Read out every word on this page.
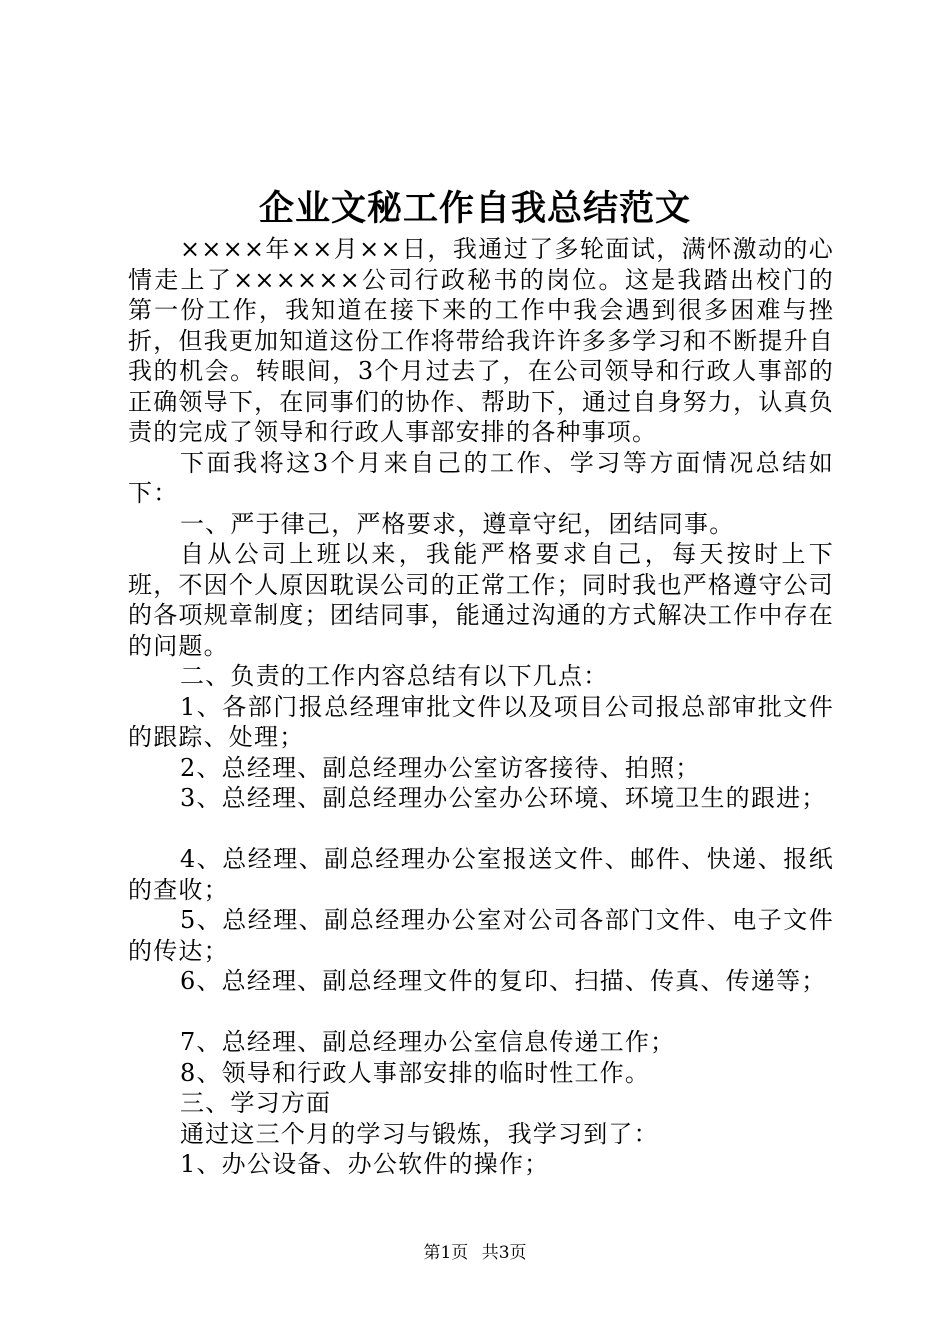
企业文秘工作自我总结范文

××××年××月××日，我通过了多轮面试，满怀激动的心情走上了××××××公司行政秘书的岗位。这是我踏出校门的第一份工作，我知道在接下来的工作中我会遇到很多困难与挫折，但我更加知道这份工作将带给我许许多多学习和不断提升自我的机会。转眼间，3个月过去了，在公司领导和行政人事部的正确领导下，在同事们的协作、帮助下，通过自身努力，认真负责的完成了领导和行政人事部安排的各种事项。

下面我将这3个月来自己的工作、学习等方面情况总结如下：

一、严于律己，严格要求，遵章守纪，团结同事。

自从公司上班以来，我能严格要求自己，每天按时上下班，不因个人原因耽误公司的正常工作；同时我也严格遵守公司的各项规章制度；团结同事，能通过沟通的方式解决工作中存在的问题。

二、负责的工作内容总结有以下几点：

1、各部门报总经理审批文件以及项目公司报总部审批文件的跟踪、处理；

2、总经理、副总经理办公室访客接待、拍照；

3、总经理、副总经理办公室办公环境、环境卫生的跟进；

4、总经理、副总经理办公室报送文件、邮件、快递、报纸的查收；

5、总经理、副总经理办公室对公司各部门文件、电子文件的传达；

6、总经理、副总经理文件的复印、扫描、传真、传递等；

7、总经理、副总经理办公室信息传递工作；

8、领导和行政人事部安排的临时性工作。

三、学习方面

通过这三个月的学习与锻炼，我学习到了：

1、办公设备、办公软件的操作；

第1页 共3页
